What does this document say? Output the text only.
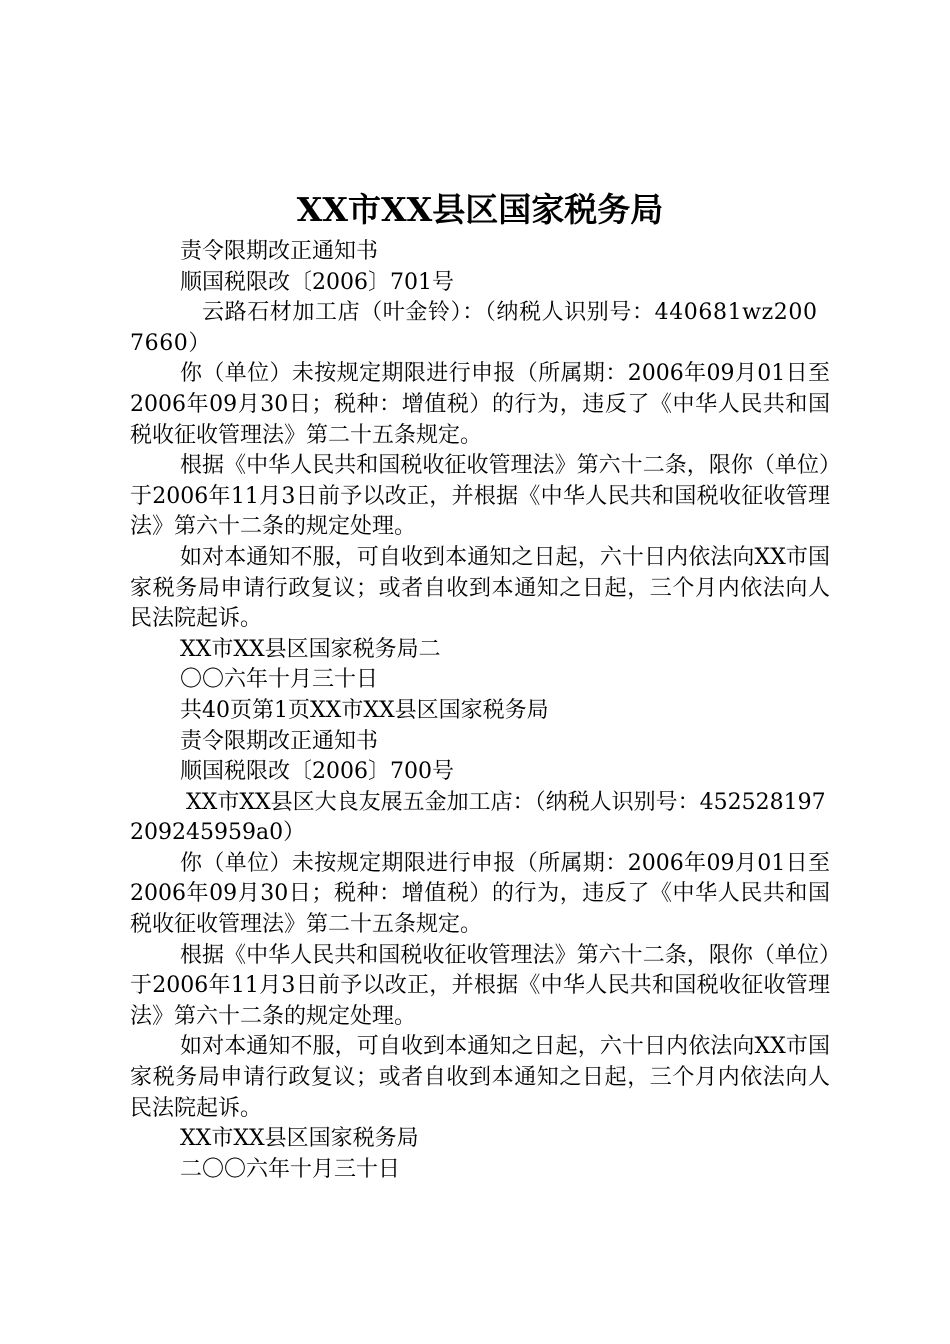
XX市XX县区国家税务局

责令限期改正通知书

顺国税限改〔2006〕701号

云路石材加工店（叶金铃）：（纳税人识别号：440681wz2007660）

你（单位）未按规定期限进行申报（所属期：2006年09月01日至2006年09月30日；税种：增值税）的行为，违反了《中华人民共和国税收征收管理法》第二十五条规定。

根据《中华人民共和国税收征收管理法》第六十二条，限你（单位）于2006年11月3日前予以改正，并根据《中华人民共和国税收征收管理法》第六十二条的规定处理。

如对本通知不服，可自收到本通知之日起，六十日内依法向XX市国家税务局申请行政复议；或者自收到本通知之日起，三个月内依法向人民法院起诉。

XX市XX县区国家税务局二

〇〇六年十月三十日

共40页第1页XX市XX县区国家税务局

责令限期改正通知书

顺国税限改〔2006〕700号

XX市XX县区大良友展五金加工店：（纳税人识别号：452528197209245959a0）

你（单位）未按规定期限进行申报（所属期：2006年09月01日至2006年09月30日；税种：增值税）的行为，违反了《中华人民共和国税收征收管理法》第二十五条规定。

根据《中华人民共和国税收征收管理法》第六十二条，限你（单位）于2006年11月3日前予以改正，并根据《中华人民共和国税收征收管理法》第六十二条的规定处理。

如对本通知不服，可自收到本通知之日起，六十日内依法向XX市国家税务局申请行政复议；或者自收到本通知之日起，三个月内依法向人民法院起诉。

XX市XX县区国家税务局

二〇〇六年十月三十日
